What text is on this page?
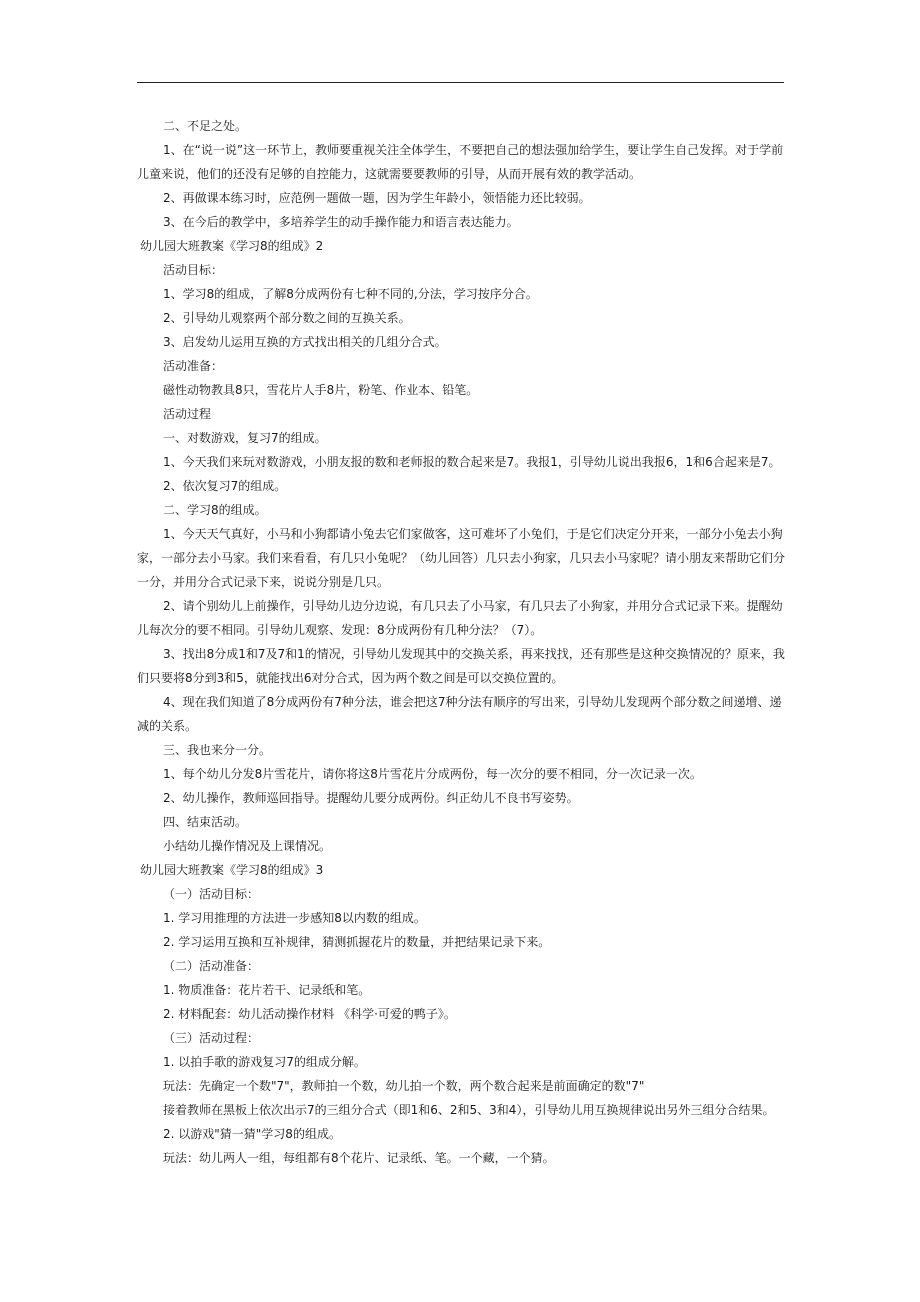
二、不足之处。

1、在“说一说”这一环节上，教师要重视关注全体学生，不要把自己的想法强加给学生，要让学生自己发挥。对于学前儿童来说，他们的还没有足够的自控能力，这就需要要教师的引导，从而开展有效的教学活动。

2、再做课本练习时，应范例一题做一题，因为学生年龄小，领悟能力还比较弱。

3、在今后的教学中，多培养学生的动手操作能力和语言表达能力。

幼儿园大班教案《学习8的组成》2

活动目标：

1、学习8的组成，了解8分成两份有七种不同的,分法，学习按序分合。

2、引导幼儿观察两个部分数之间的互换关系。

3、启发幼儿运用互换的方式找出相关的几组分合式。

活动准备：

磁性动物教具8只，雪花片人手8片，粉笔、作业本、铅笔。

活动过程

一、对数游戏，复习7的组成。

1、今天我们来玩对数游戏，小朋友报的数和老师报的数合起来是7。我报1，引导幼儿说出我报6，1和6合起来是7。

2、依次复习7的组成。

二、学习8的组成。

1、今天天气真好，小马和小狗都请小兔去它们家做客，这可难坏了小兔们，于是它们决定分开来，一部分小兔去小狗家，一部分去小马家。我们来看看，有几只小兔呢？（幼儿回答）几只去小狗家，几只去小马家呢？请小朋友来帮助它们分一分，并用分合式记录下来，说说分别是几只。

2、请个别幼儿上前操作，引导幼儿边分边说，有几只去了小马家，有几只去了小狗家，并用分合式记录下来。提醒幼儿每次分的要不相同。引导幼儿观察、发现：8分成两份有几种分法？（7）。

3、找出8分成1和7及7和1的情况，引导幼儿发现其中的交换关系，再来找找，还有那些是这种交换情况的？原来，我们只要将8分到3和5，就能找出6对分合式，因为两个数之间是可以交换位置的。

4、现在我们知道了8分成两份有7种分法，谁会把这7种分法有顺序的写出来，引导幼儿发现两个部分数之间递增、递减的关系。

三、我也来分一分。

1、每个幼儿分发8片雪花片，请你将这8片雪花片分成两份，每一次分的要不相同，分一次记录一次。

2、幼儿操作，教师巡回指导。提醒幼儿要分成两份。纠正幼儿不良书写姿势。

四、结束活动。

小结幼儿操作情况及上课情况。

幼儿园大班教案《学习8的组成》3

（一）活动目标：

1. 学习用推理的方法进一步感知8以内数的组成。

2. 学习运用互换和互补规律，猜测抓握花片的数量，并把结果记录下来。

（二）活动准备：

1. 物质准备：花片若干、记录纸和笔。

2. 材料配套：幼儿活动操作材料 《科学·可爱的鸭子》。

（三）活动过程：

1. 以拍手歌的游戏复习7的组成分解。

玩法：先确定一个数"7"，教师拍一个数，幼儿拍一个数，两个数合起来是前面确定的数"7"

接着教师在黑板上依次出示7的三组分合式（即1和6、2和5、3和4），引导幼儿用互换规律说出另外三组分合结果。

2. 以游戏"猜一猜"学习8的组成。

玩法：幼儿两人一组，每组都有8个花片、记录纸、笔。一个藏，一个猜。
